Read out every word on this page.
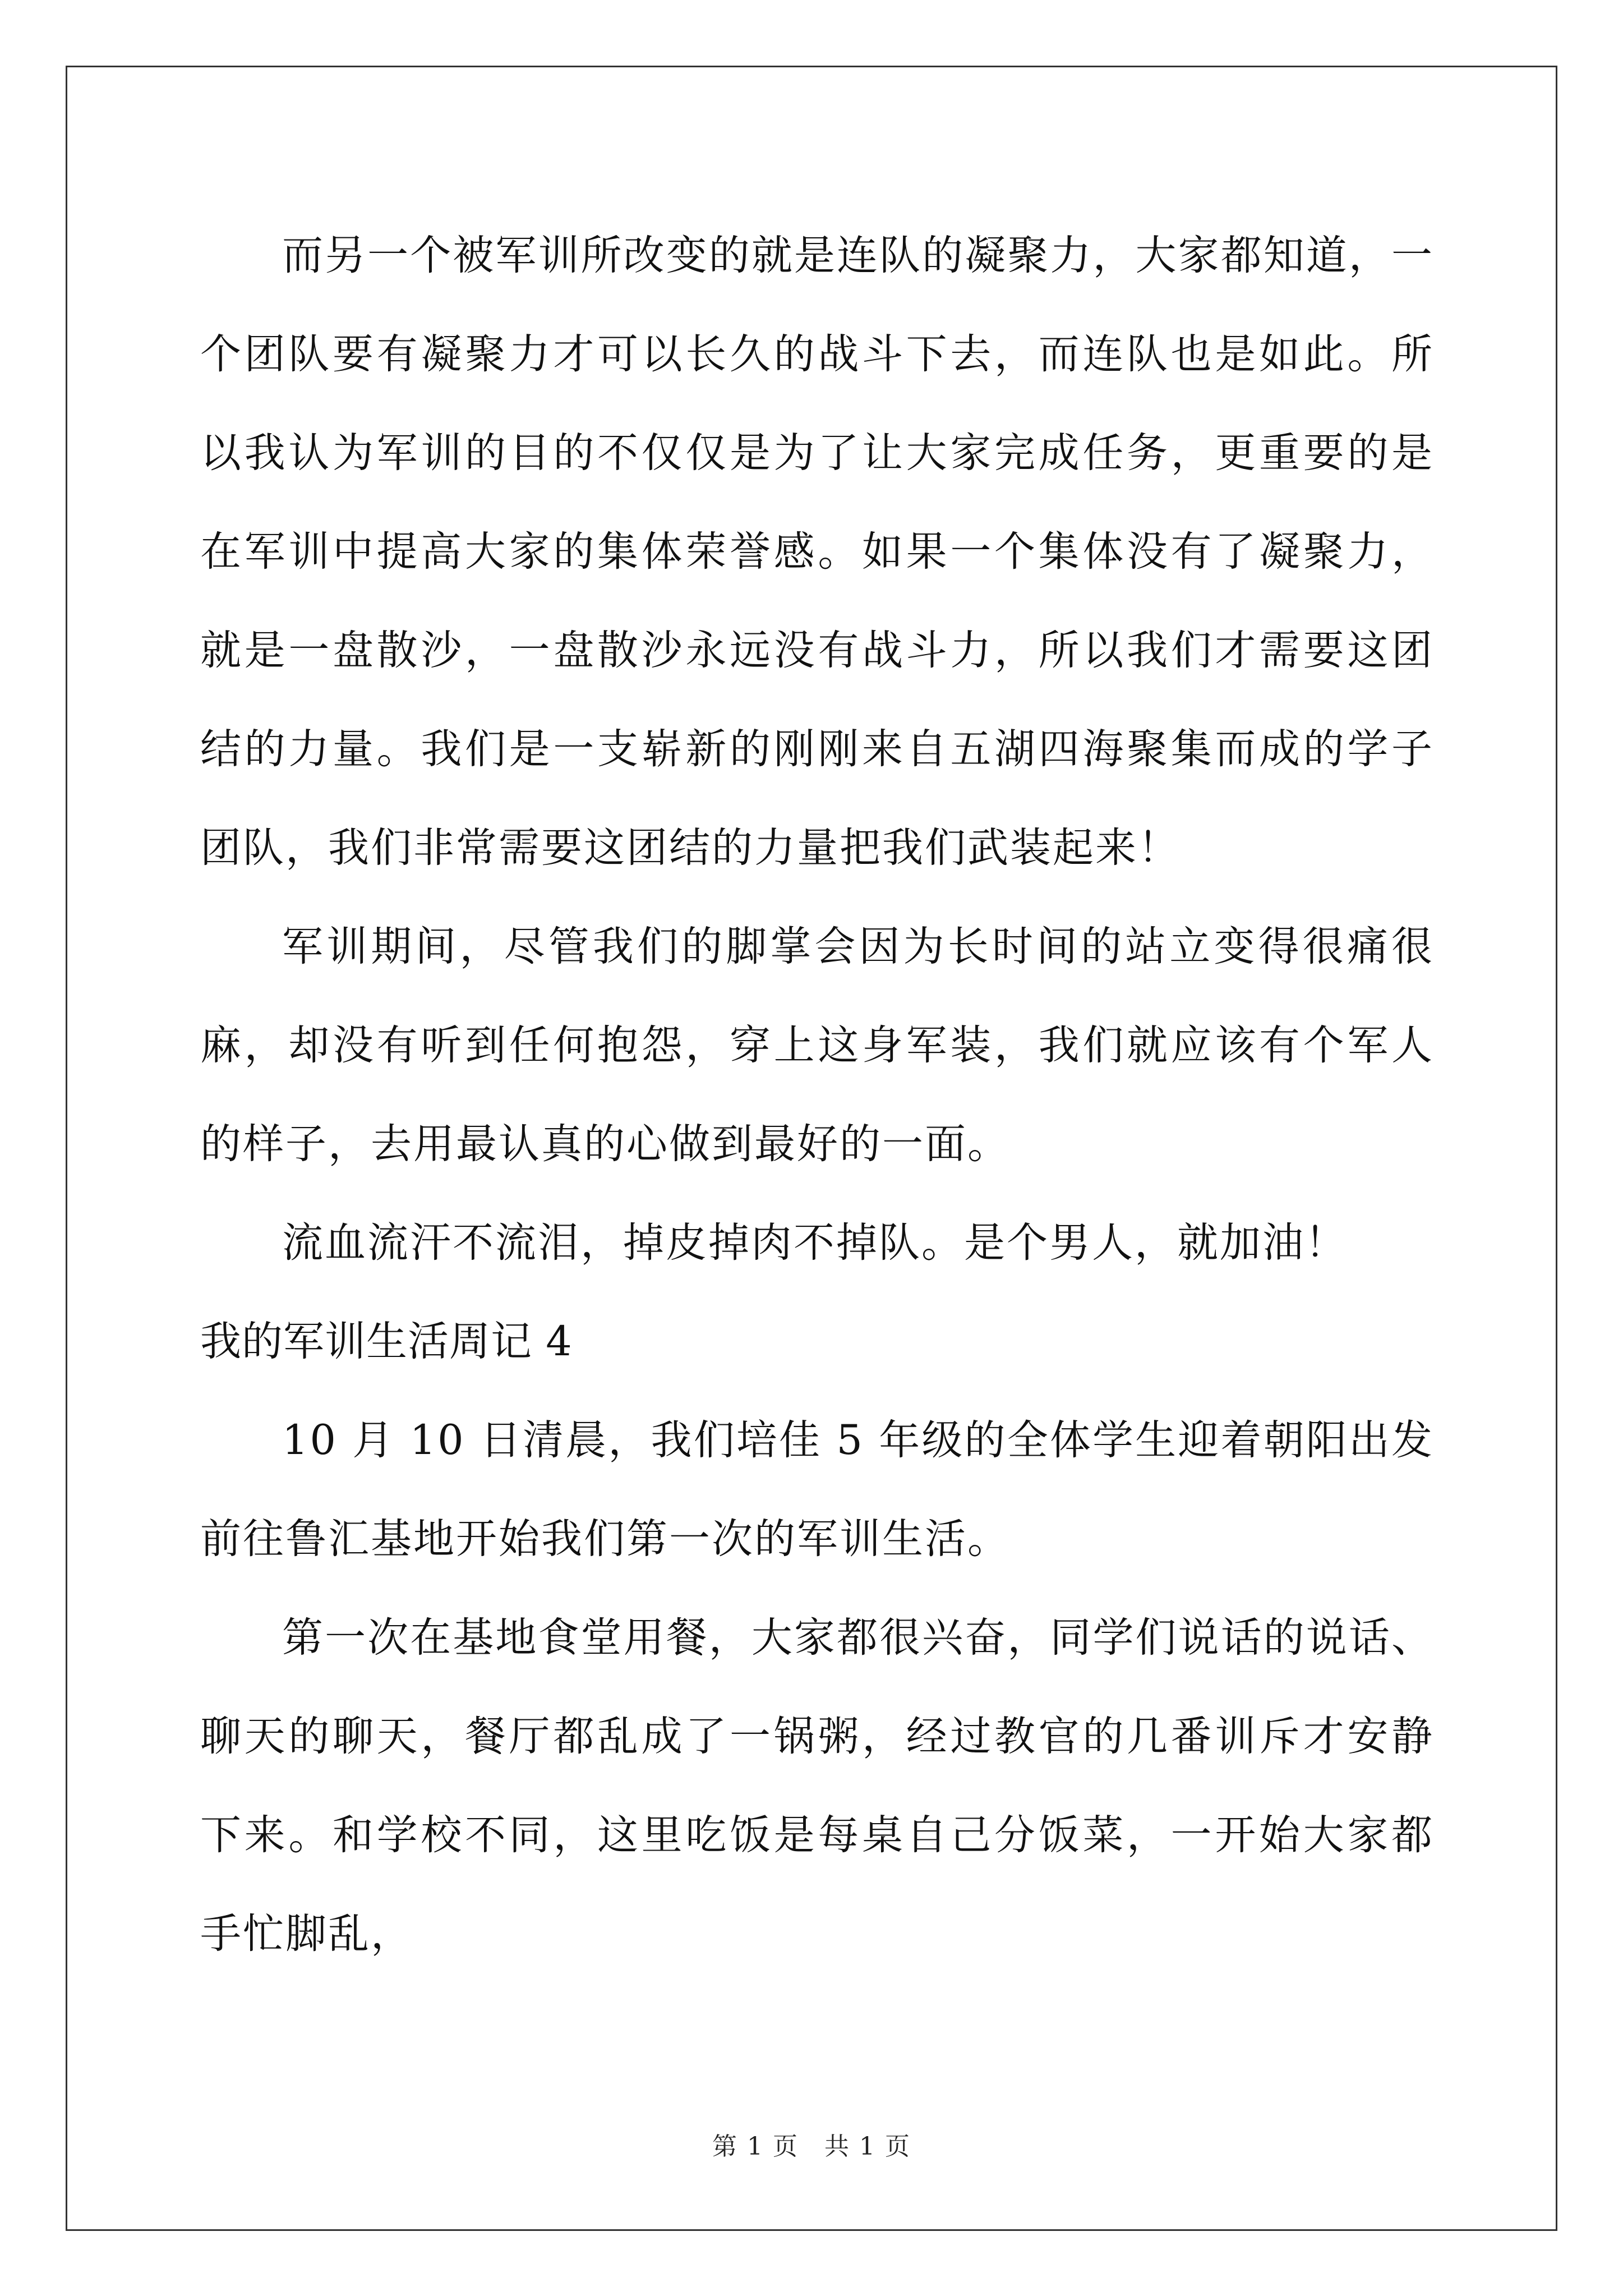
而另一个被军训所改变的就是连队的凝聚力，大家都知道，一个团队要有凝聚力才可以长久的战斗下去，而连队也是如此。所以我认为军训的目的不仅仅是为了让大家完成任务，更重要的是在军训中提高大家的集体荣誉感。如果一个集体没有了凝聚力，就是一盘散沙，一盘散沙永远没有战斗力，所以我们才需要这团结的力量。我们是一支崭新的刚刚来自五湖四海聚集而成的学子团队，我们非常需要这团结的力量把我们武装起来！

军训期间，尽管我们的脚掌会因为长时间的站立变得很痛很麻，却没有听到任何抱怨，穿上这身军装，我们就应该有个军人的样子，去用最认真的心做到最好的一面。

流血流汗不流泪，掉皮掉肉不掉队。是个男人，就加油！

我的军训生活周记 4

10 月 10 日清晨，我们培佳 5 年级的全体学生迎着朝阳出发前往鲁汇基地开始我们第一次的军训生活。

第一次在基地食堂用餐，大家都很兴奋，同学们说话的说话、聊天的聊天，餐厅都乱成了一锅粥，经过教官的几番训斥才安静下来。和学校不同，这里吃饭是每桌自己分饭菜，一开始大家都手忙脚乱，

第 1 页　共 1 页
